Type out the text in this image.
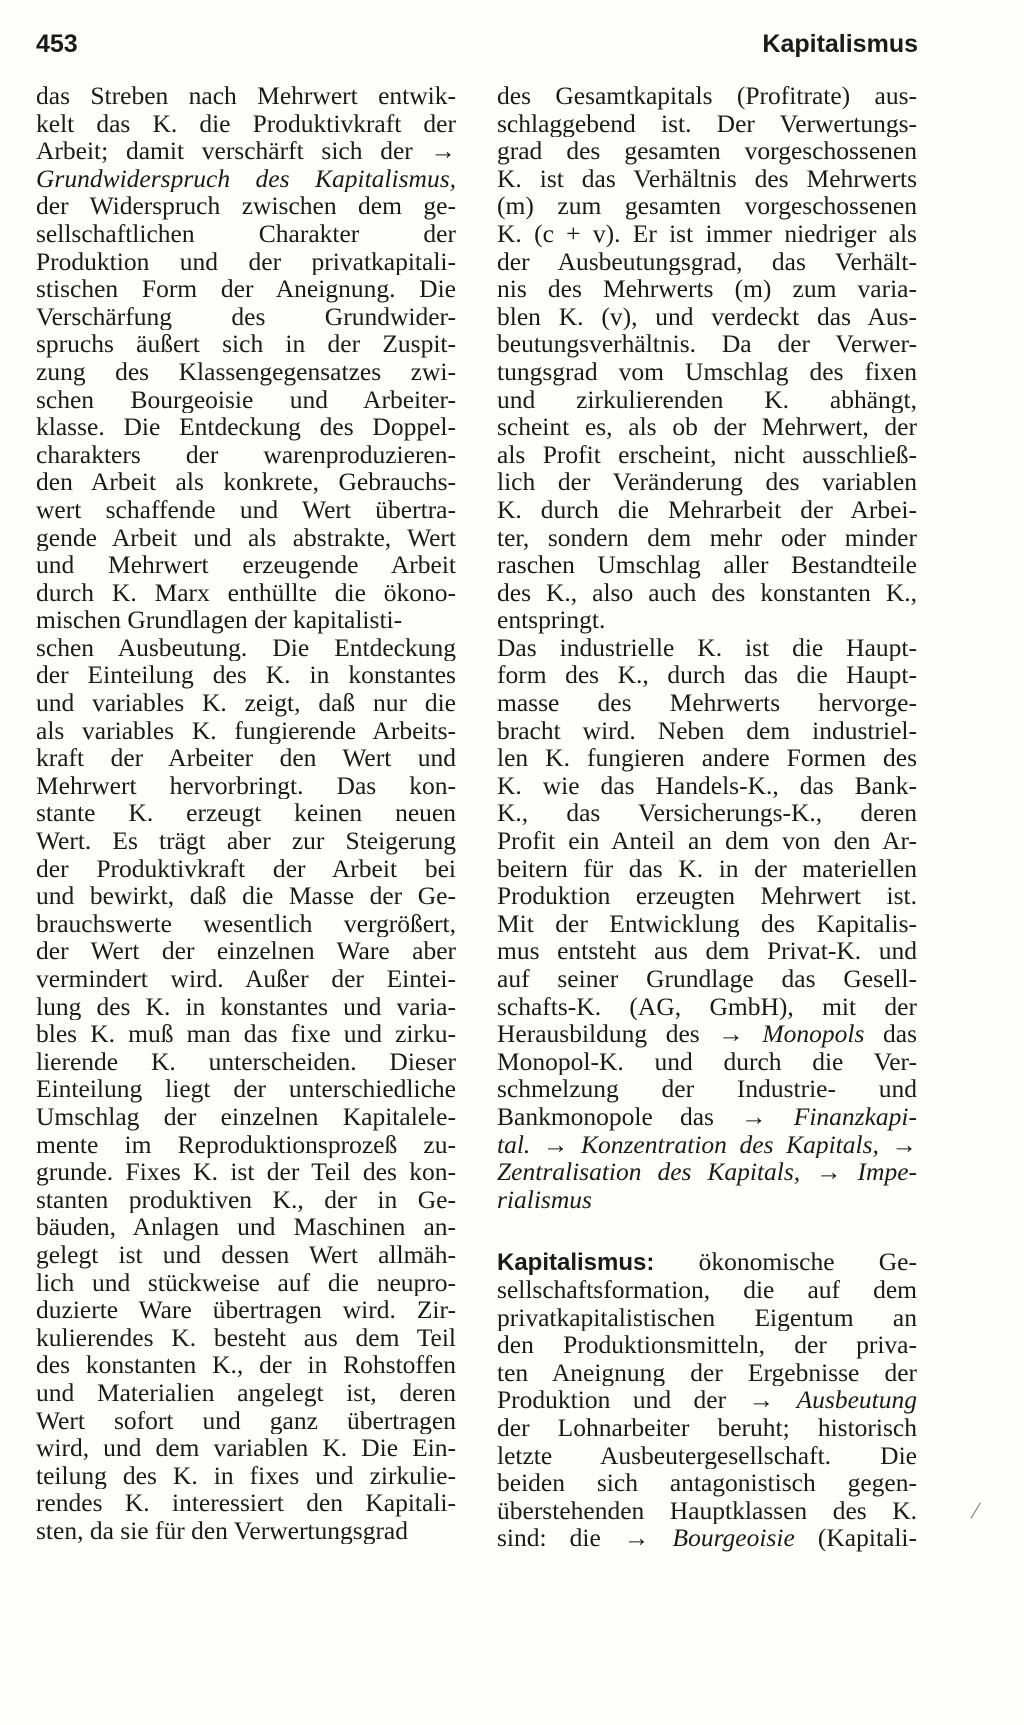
453	Kapitalismus
das Streben nach Mehrwert entwik-
kelt das K. die Produktivkraft der
Arbeit; damit verschärft sich der →
Grundwiderspruch des Kapitalismus,
der Widerspruch zwischen dem ge-
sellschaftlichen Charakter der
Produktion und der privatkapitali-
stischen Form der Aneignung. Die
Verschärfung des Grundwider-
spruchs äußert sich in der Zuspit-
zung des Klassengegensatzes zwi-
schen Bourgeoisie und Arbeiter-
klasse. Die Entdeckung des Doppel-
charakters der warenproduzieren-
den Arbeit als konkrete, Gebrauchs-
wert schaffende und Wert übertra-
gende Arbeit und als abstrakte, Wert
und Mehrwert erzeugende Arbeit
durch K. Marx enthüllte die ökono-
mischen Grundlagen der kapitalisti-
schen Ausbeutung. Die Entdeckung
der Einteilung des K. in konstantes
und variables K. zeigt, daß nur die
als variables K. fungierende Arbeits-
kraft der Arbeiter den Wert und
Mehrwert hervorbringt. Das kon-
stante K. erzeugt keinen neuen
Wert. Es trägt aber zur Steigerung
der Produktivkraft der Arbeit bei
und bewirkt, daß die Masse der Ge-
brauchswerte wesentlich vergrößert,
der Wert der einzelnen Ware aber
vermindert wird. Außer der Eintei-
lung des K. in konstantes und varia-
bles K. muß man das fixe und zirku-
lierende K. unterscheiden. Dieser
Einteilung liegt der unterschiedliche
Umschlag der einzelnen Kapitalele-
mente im Reproduktionsprozeß zu-
grunde. Fixes K. ist der Teil des kon-
stanten produktiven K., der in Ge-
bäuden, Anlagen und Maschinen an-
gelegt ist und dessen Wert allmäh-
lich und stückweise auf die neupro-
duzierte Ware übertragen wird. Zir-
kulierendes K. besteht aus dem Teil
des konstanten K., der in Rohstoffen
und Materialien angelegt ist, deren
Wert sofort und ganz übertragen
wird, und dem variablen K. Die Ein-
teilung des K. in fixes und zirkulie-
rendes K. interessiert den Kapitali-
sten, da sie für den Verwertungsgrad
des Gesamtkapitals (Profitrate) aus-
schlaggebend ist. Der Verwertungs-
grad des gesamten vorgeschossenen
K. ist das Verhältnis des Mehrwerts
(m) zum gesamten vorgeschossenen
K. (c + v). Er ist immer niedriger als
der Ausbeutungsgrad, das Verhält-
nis des Mehrwerts (m) zum varia-
blen K. (v), und verdeckt das Aus-
beutungsverhältnis. Da der Verwer-
tungsgrad vom Umschlag des fixen
und zirkulierenden K. abhängt,
scheint es, als ob der Mehrwert, der
als Profit erscheint, nicht ausschließ-
lich der Veränderung des variablen
K. durch die Mehrarbeit der Arbei-
ter, sondern dem mehr oder minder
raschen Umschlag aller Bestandteile
des K., also auch des konstanten K.,
entspringt.
Das industrielle K. ist die Haupt-
form des K., durch das die Haupt-
masse des Mehrwerts hervorge-
bracht wird. Neben dem industriel-
len K. fungieren andere Formen des
K. wie das Handels-K., das Bank-
K., das Versicherungs-K., deren
Profit ein Anteil an dem von den Ar-
beitern für das K. in der materiellen
Produktion erzeugten Mehrwert ist.
Mit der Entwicklung des Kapitalis-
mus entsteht aus dem Privat-K. und
auf seiner Grundlage das Gesell-
schafts-K. (AG, GmbH), mit der
Herausbildung des → Monopols das
Monopol-K. und durch die Ver-
schmelzung der Industrie- und
Bankmonopole das → Finanzkapi-
tal. → Konzentration des Kapitals, →
Zentralisation des Kapitals, → Impe-
rialismus
Kapitalismus: ökonomische Ge-
sellschaftsformation, die auf dem
privatkapitalistischen Eigentum an
den Produktionsmitteln, der priva-
ten Aneignung der Ergebnisse der
Produktion und der → Ausbeutung
der Lohnarbeiter beruht; historisch
letzte Ausbeutergesellschaft. Die
beiden sich antagonistisch gegen-
überstehenden Hauptklassen des K.
sind: die → Bourgeoisie (Kapitali-
/
